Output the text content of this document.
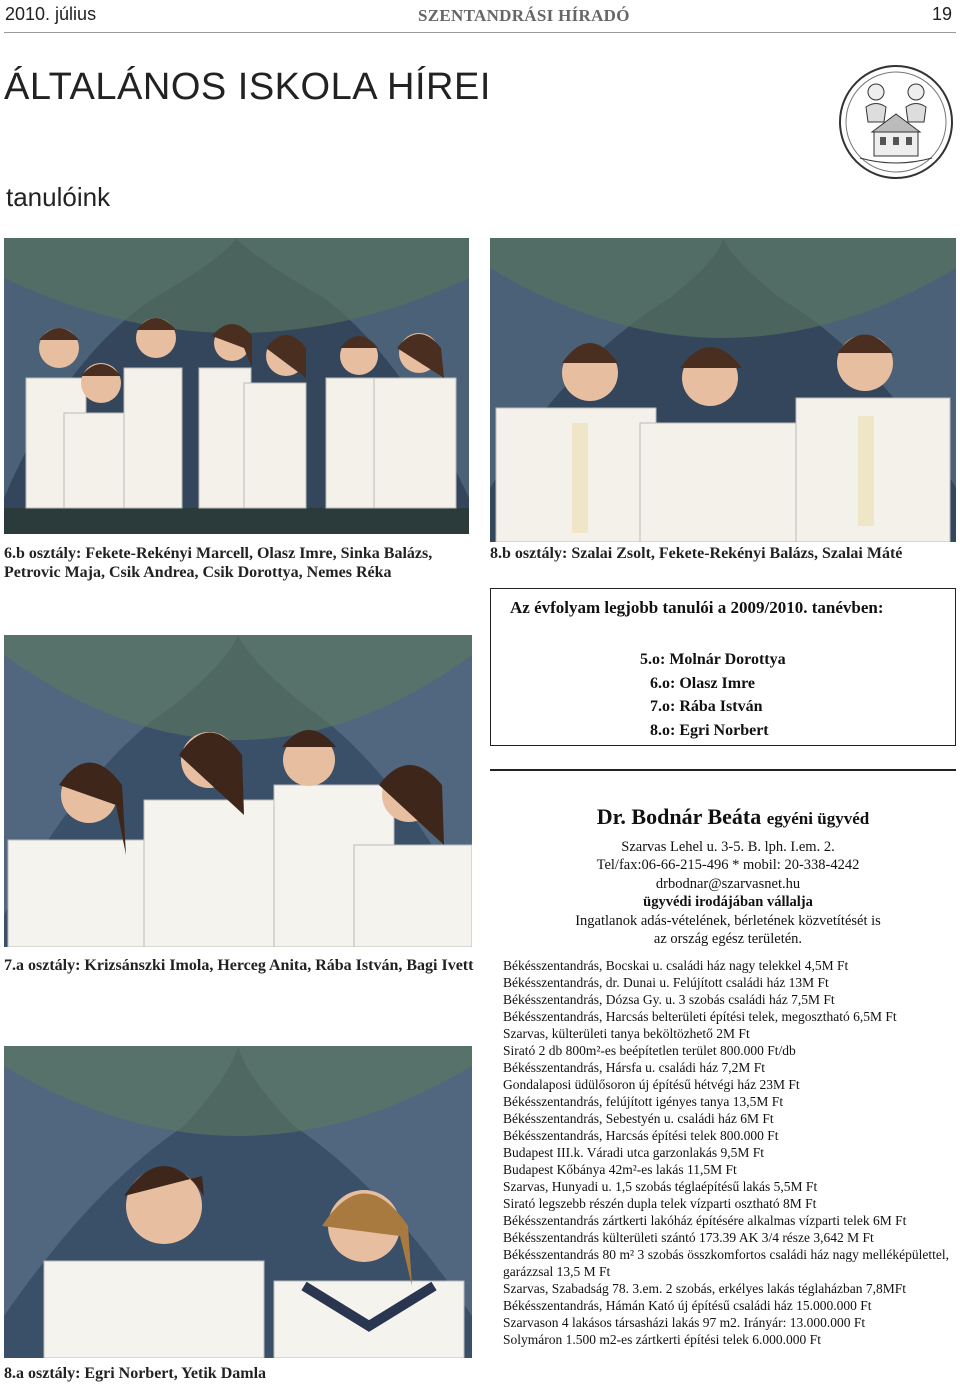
2010. július	SZENTANDRÁSI HÍRADÓ	19
ÁLTALÁNOS ISKOLA HÍREI
tanulóink
6.b osztály: Fekete-Rekényi Marcell, Olasz Imre, Sinka Balázs, Petrovic Maja, Csik Andrea, Csik Dorottya, Nemes Réka
8.b osztály: Szalai Zsolt, Fekete-Rekényi Balázs, Szalai Máté
Az évfolyam legjobb tanulói a 2009/2010. tanévben:
5.o: Molnár Dorottya
6.o: Olasz Imre
7.o: Rába István
8.o: Egri Norbert
7.a osztály: Krizsánszki Imola, Herceg Anita, Rába István, Bagi Ivett
8.a osztály: Egri Norbert, Yetik Damla
Dr. Bodnár Beáta egyéni ügyvéd
Szarvas Lehel u. 3-5. B. lph. I.em. 2.
Tel/fax:06-66-215-496 * mobil: 20-338-4242
drbodnar@szarvasnet.hu
ügyvédi irodájában vállalja
Ingatlanok adás-vételének, bérletének közvetítését is
az ország egész területén.
Békésszentandrás, Bocskai u. családi ház nagy telekkel 4,5M Ft
Békésszentandrás, dr. Dunai u. Felújított családi ház 13M Ft
Békésszentandrás, Dózsa Gy. u. 3 szobás családi ház 7,5M Ft
Békésszentandrás, Harcsás belterületi építési telek, megosztható 6,5M Ft
Szarvas, külterületi tanya beköltözhető 2M Ft
Sirató 2 db 800m²-es beépítetlen terület 800.000 Ft/db
Békésszentandrás, Hársfa u. családi ház 7,2M Ft
Gondalaposi üdülősoron új építésű hétvégi ház 23M Ft
Békésszentandrás, felújított igényes tanya 13,5M Ft
Békésszentandrás, Sebestyén u. családi ház 6M Ft
Békésszentandrás, Harcsás építési telek 800.000 Ft
Budapest III.k. Váradi utca garzonlakás 9,5M Ft
Budapest Kőbánya 42m²-es lakás 11,5M Ft
Szarvas, Hunyadi u. 1,5 szobás téglaépítésű lakás 5,5M Ft
Sirató legszebb részén dupla telek vízparti osztható 8M Ft
Békésszentandrás zártkerti lakóház építésére alkalmas vízparti telek 6M Ft
Békésszentandrás külterületi szántó 173.39 AK 3/4 része 3,642 M Ft
Békésszentandrás 80 m² 3 szobás összkomfortos családi ház nagy melléképülettel, garázzsal 13,5 M Ft
Szarvas, Szabadság 78. 3.em. 2 szobás, erkélyes lakás téglaházban 7,8MFt
Békésszentandrás, Hámán Kató új építésű családi ház 15.000.000 Ft
Szarvason 4 lakásos társasházi lakás 97 m2. Irányár: 13.000.000 Ft
Solymáron 1.500 m2-es zártkerti építési telek 6.000.000 Ft
